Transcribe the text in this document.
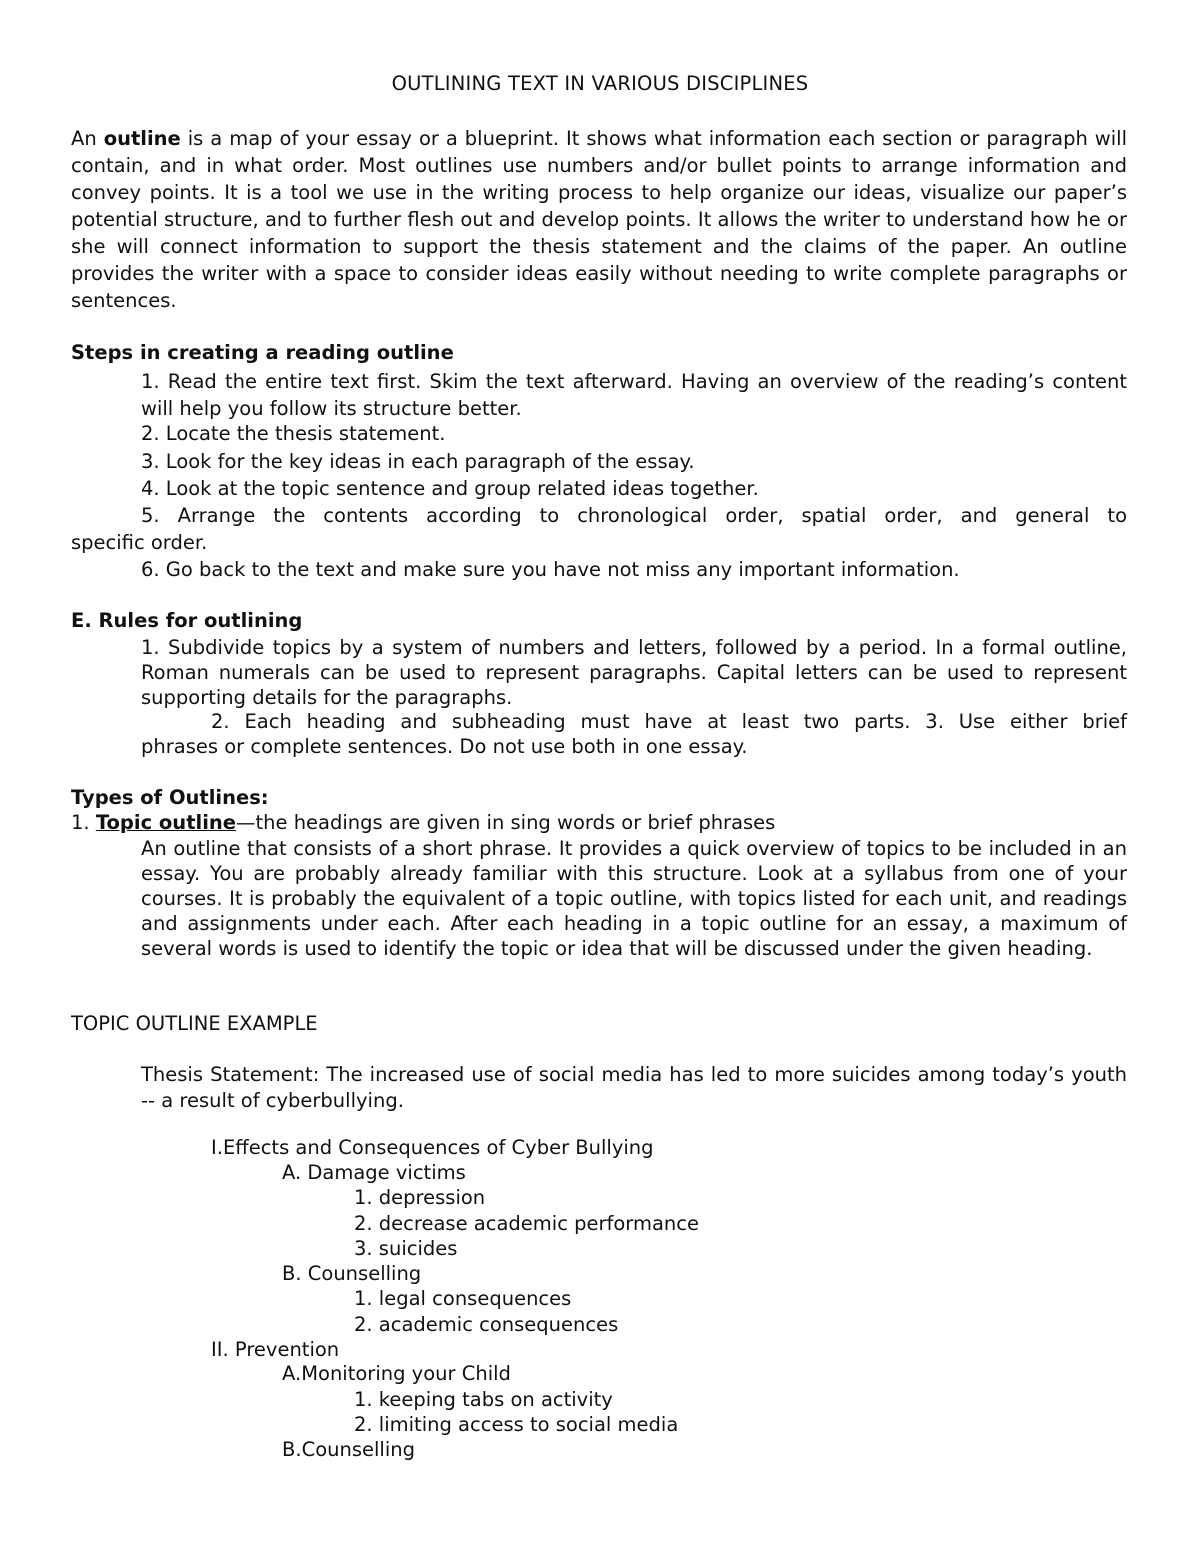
OUTLINING TEXT IN VARIOUS DISCIPLINES

An outline is a map of your essay or a blueprint. It shows what information each section or paragraph will contain, and in what order. Most outlines use numbers and/or bullet points to arrange information and convey points. It is a tool we use in the writing process to help organize our ideas, visualize our paper’s potential structure, and to further flesh out and develop points. It allows the writer to understand how he or she will connect information to support the thesis statement and the claims of the paper. An outline provides the writer with a space to consider ideas easily without needing to write complete paragraphs or sentences.

Steps in creating a reading outline

1. Read the entire text first. Skim the text afterward. Having an overview of the reading’s content will help you follow its structure better.

2. Locate the thesis statement.
3. Look for the key ideas in each paragraph of the essay.
4. Look at the topic sentence and group related ideas together.
5. Arrange the contents according to chronological order, spatial order, and general to
specific order.
6. Go back to the text and make sure you have not miss any important information.
E. Rules for outlining

1. Subdivide topics by a system of numbers and letters, followed by a period. In a formal outline, Roman numerals can be used to represent paragraphs. Capital letters can be used to represent supporting details for the paragraphs.

2. Each heading and subheading must have at least two parts. 3. Use either brief
phrases or complete sentences. Do not use both in one essay.
Types of Outlines:
1. Topic outline—the headings are given in sing words or brief phrases

An outline that consists of a short phrase. It provides a quick overview of topics to be included in an essay. You are probably already familiar with this structure. Look at a syllabus from one of your courses. It is probably the equivalent of a topic outline, with topics listed for each unit, and readings and assignments under each. After each heading in a topic outline for an essay, a maximum of several words is used to identify the topic or idea that will be discussed under the given heading.

TOPIC OUTLINE EXAMPLE

Thesis Statement: The increased use of social media has led to more suicides among today’s youth -- a result of cyberbullying.

I.Effects and Consequences of Cyber Bullying
A. Damage victims
1. depression
2. decrease academic performance
3. suicides
B. Counselling
1. legal consequences
2. academic consequences
II. Prevention
A.Monitoring your Child
1. keeping tabs on activity
2. limiting access to social media
B.Counselling
